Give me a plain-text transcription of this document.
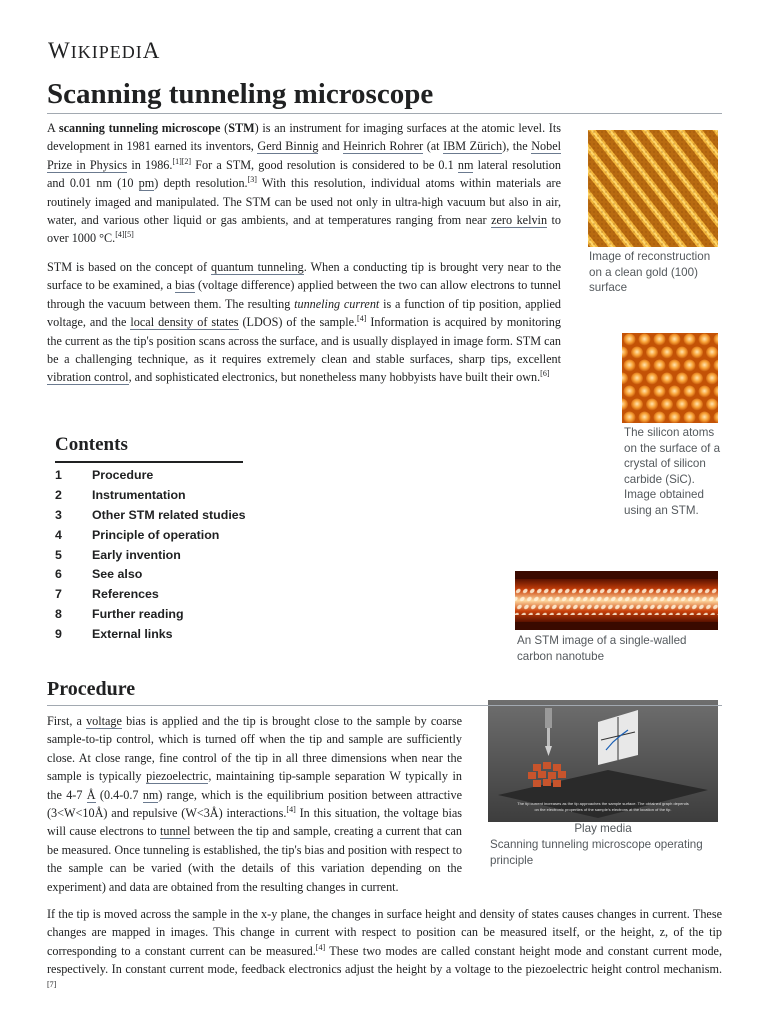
WIKIPEDIA
Scanning tunneling microscope

A scanning tunneling microscope (STM) is an instrument for imaging surfaces at the atomic level. Its development in 1981 earned its inventors, Gerd Binnig and Heinrich Rohrer (at IBM Zürich), the Nobel Prize in Physics in 1986.[1][2] For a STM, good resolution is considered to be 0.1 nm lateral resolution and 0.01 nm (10 pm) depth resolution.[3] With this resolution, individual atoms within materials are routinely imaged and manipulated. The STM can be used not only in ultra-high vacuum but also in air, water, and various other liquid or gas ambients, and at temperatures ranging from near zero kelvin to over 1000 °C.[4][5]

STM is based on the concept of quantum tunneling. When a conducting tip is brought very near to the surface to be examined, a bias (voltage difference) applied between the two can allow electrons to tunnel through the vacuum between them. The resulting tunneling current is a function of tip position, applied voltage, and the local density of states (LDOS) of the sample.[4] Information is acquired by monitoring the current as the tip's position scans across the surface, and is usually displayed in image form. STM can be a challenging technique, as it requires extremely clean and stable surfaces, sharp tips, excellent vibration control, and sophisticated electronics, but nonetheless many hobbyists have built their own.[6]

Image of reconstruction on a clean gold (100) surface

The silicon atoms on the surface of a crystal of silicon carbide (SiC). Image obtained using an STM.

An STM image of a single-walled carbon nanotube

The tip current increases as the tip approaches the sample surface. The obtained graph depends
on the electronic properties of the sample's electrons at the location of the tip.
Play media

Scanning tunneling microscope operating principle

Contents
1	Procedure
2	Instrumentation
3	Other STM related studies
4	Principle of operation
5	Early invention
6	See also
7	References
8	Further reading
9	External links
Procedure

First, a voltage bias is applied and the tip is brought close to the sample by coarse sample-to-tip control, which is turned off when the tip and sample are sufficiently close. At close range, fine control of the tip in all three dimensions when near the sample is typically piezoelectric, maintaining tip-sample separation W typically in the 4-7 Å (0.4-0.7 nm) range, which is the equilibrium position between attractive (3<W<10Å) and repulsive (W<3Å) interactions.[4] In this situation, the voltage bias will cause electrons to tunnel between the tip and sample, creating a current that can be measured. Once tunneling is established, the tip's bias and position with respect to the sample can be varied (with the details of this variation depending on the experiment) and data are obtained from the resulting changes in current.

If the tip is moved across the sample in the x-y plane, the changes in surface height and density of states causes changes in current. These changes are mapped in images. This change in current with respect to position can be measured itself, or the height, z, of the tip corresponding to a constant current can be measured.[4] These two modes are called constant height mode and constant current mode, respectively. In constant current mode, feedback electronics adjust the height by a voltage to the piezoelectric height control mechanism.[7]
